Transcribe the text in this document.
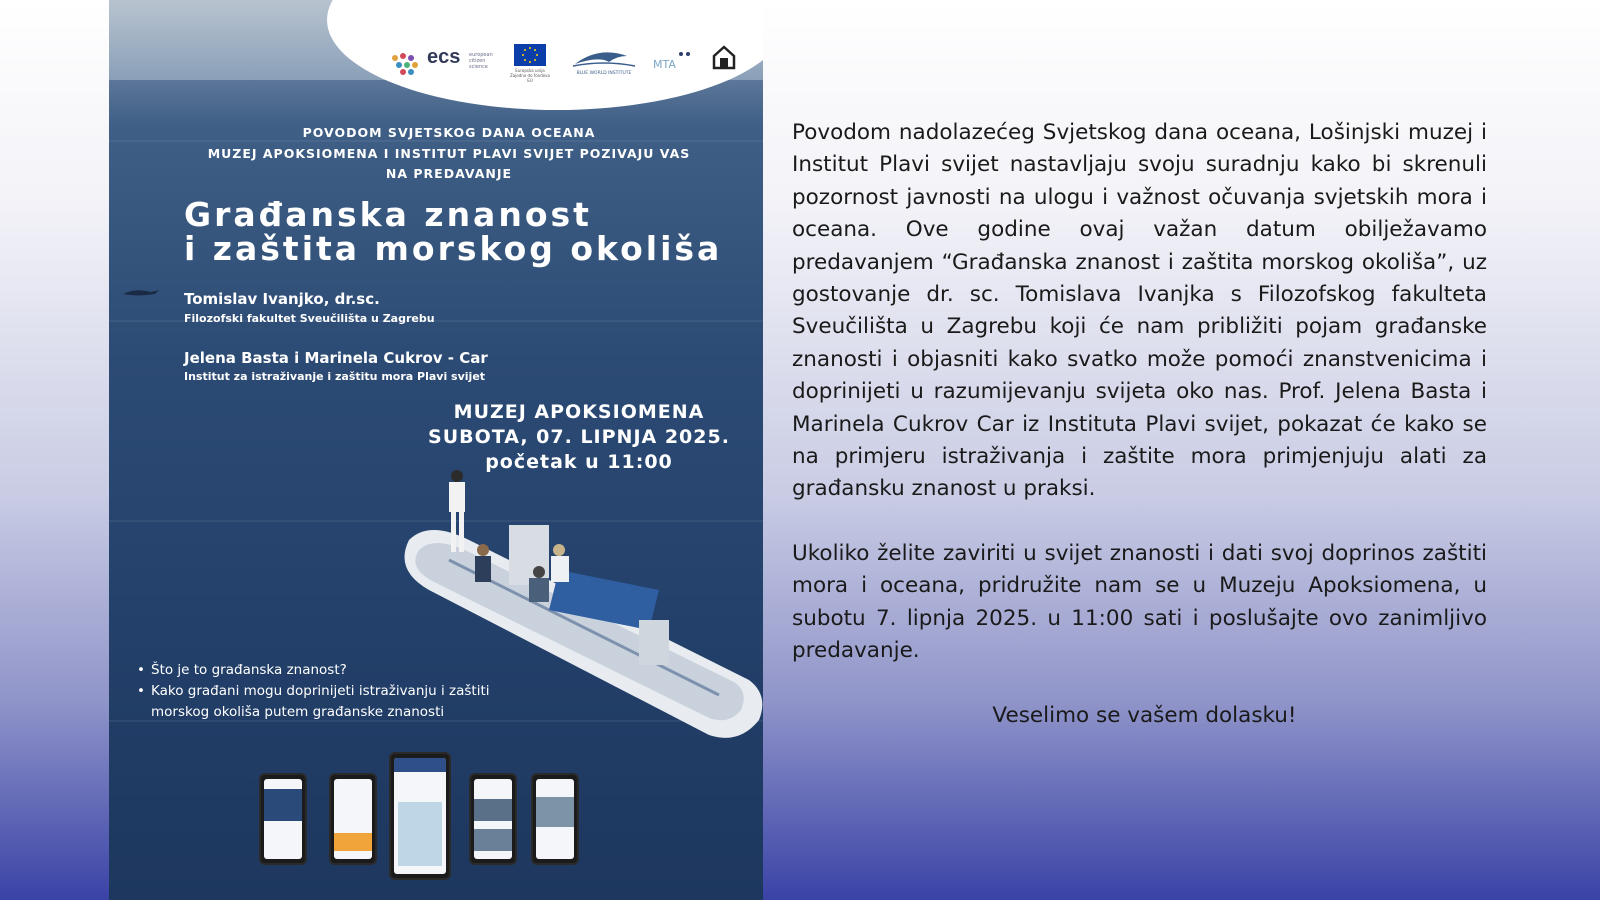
ecs european citizen science
Europska unija Zajedno do fondova EU
BLUE WORLD INSTITUTE
MTA
POVODOM SVJETSKOG DANA OCEANA
MUZEJ APOKSIOMENA I INSTITUT PLAVI SVIJET POZIVAJU VAS
NA PREDAVANJE
Građanska znanost
i zaštita morskog okoliša
Tomislav Ivanjko, dr.sc.
Filozofski fakultet Sveučilišta u Zagrebu
Jelena Basta i Marinela Cukrov - Car
Institut za istraživanje i zaštitu mora Plavi svijet
MUZEJ APOKSIOMENA
SUBOTA, 07. LIPNJA 2025.
početak u 11:00
• Što je to građanska znanost?
• Kako građani mogu doprinijeti istraživanju i zaštiti morskog okoliša putem građanske znanosti

Povodom nadolazećeg Svjetskog dana oceana, Lošinjski muzej i Institut Plavi svijet nastavljaju svoju suradnju kako bi skrenuli pozornost javnosti na ulogu i važnost očuvanja svjetskih mora i oceana. Ove godine ovaj važan datum obilježavamo predavanjem “Građanska znanost i zaštita morskog okoliša”, uz gostovanje dr. sc. Tomislava Ivanjka s Filozofskog fakulteta Sveučilišta u Zagrebu koji će nam približiti pojam građanske znanosti i objasniti kako svatko može pomoći znanstvenicima i doprinijeti u razumijevanju svijeta oko nas. Prof. Jelena Basta i Marinela Cukrov Car iz Instituta Plavi svijet, pokazat će kako se na primjeru istraživanja i zaštite mora primjenjuju alati za građansku znanost u praksi.

Ukoliko želite zaviriti u svijet znanosti i dati svoj doprinos zaštiti mora i oceana, pridružite nam se u Muzeju Apoksiomena, u subotu 7. lipnja 2025. u 11:00 sati i poslušajte ovo zanimljivo predavanje.

Veselimo se vašem dolasku!
